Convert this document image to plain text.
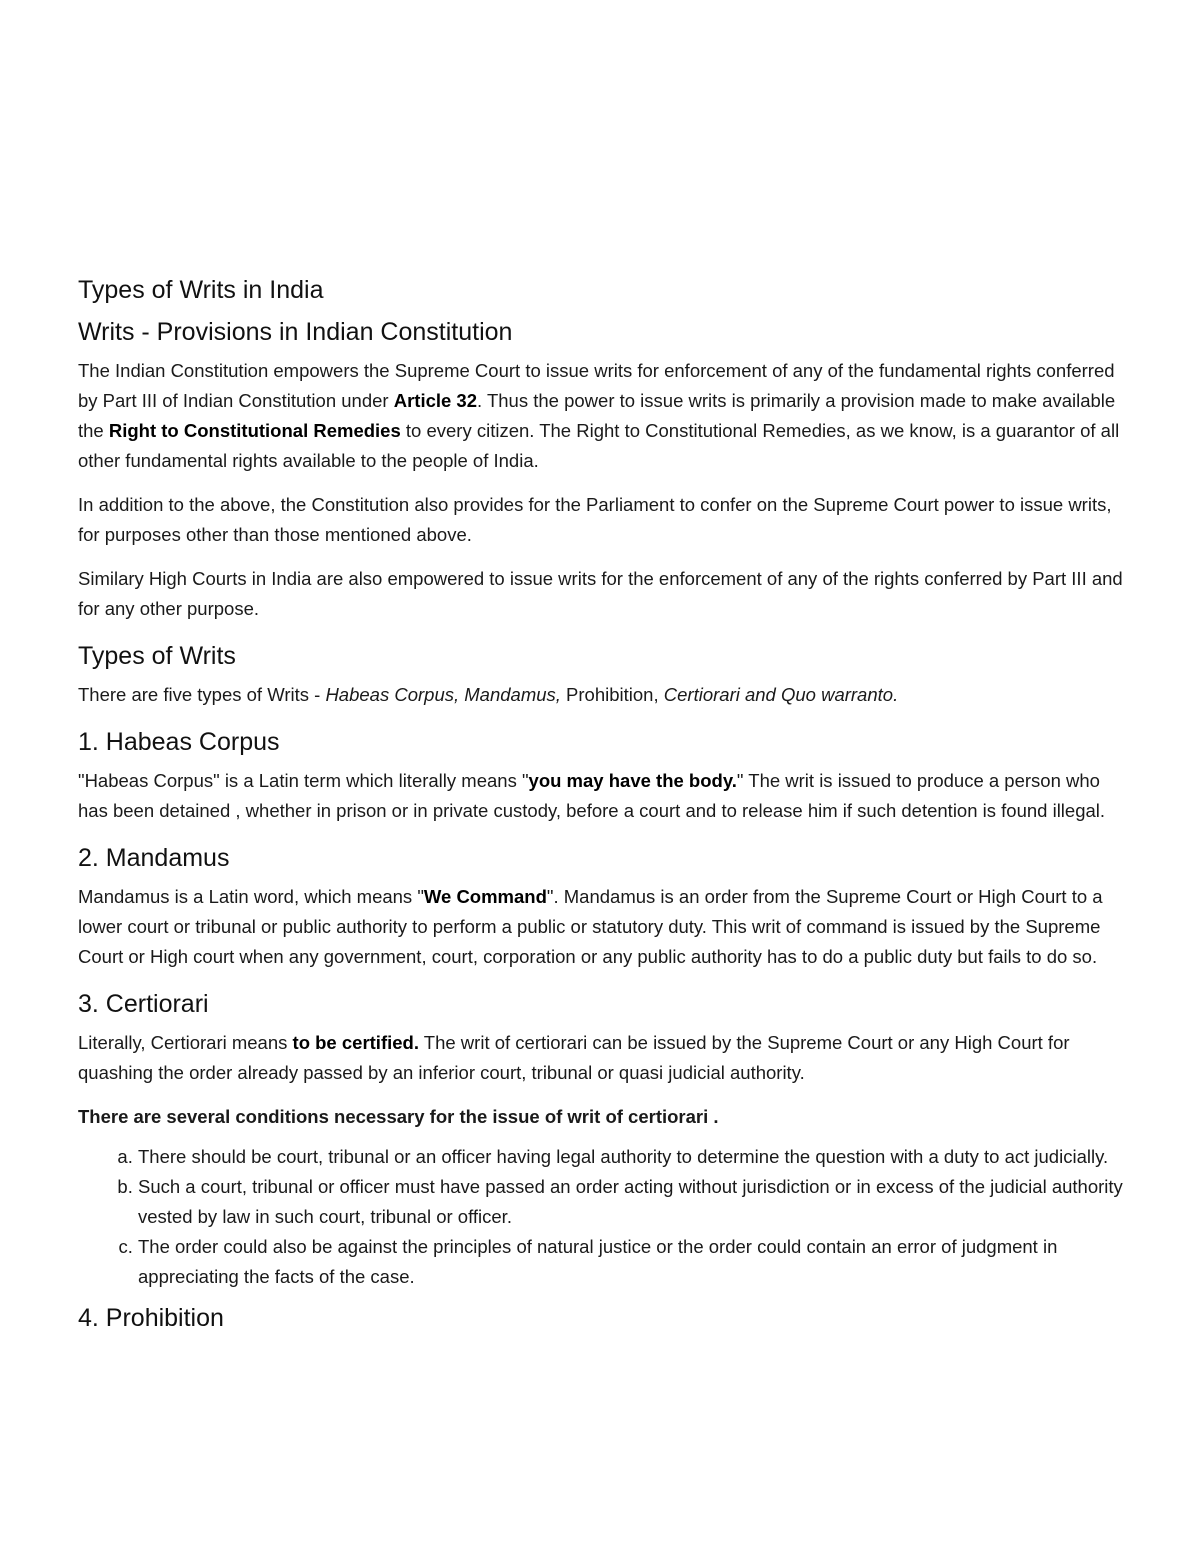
Types of Writs in India
Writs - Provisions in Indian Constitution

The Indian Constitution empowers the Supreme Court to issue writs for enforcement of any of the fundamental rights conferred by Part III of Indian Constitution under Article 32. Thus the power to issue writs is primarily a provision made to make available the Right to Constitutional Remedies to every citizen. The Right to Constitutional Remedies, as we know, is a guarantor of all other fundamental rights available to the people of India.

In addition to the above, the Constitution also provides for the Parliament to confer on the Supreme Court power to issue writs, for purposes other than those mentioned above.

Similary High Courts in India are also empowered to issue writs for the enforcement of any of the rights conferred by Part III and for any other purpose.

Types of Writs

There are five types of Writs - Habeas Corpus, Mandamus, Prohibition, Certiorari and Quo warranto.

1. Habeas Corpus

"Habeas Corpus" is a Latin term which literally means "you may have the body." The writ is issued to produce a person who has been detained , whether in prison or in private custody, before a court and to release him if such detention is found illegal.

2. Mandamus

Mandamus is a Latin word, which means "We Command". Mandamus is an order from the Supreme Court or High Court to a lower court or tribunal or public authority to perform a public or statutory duty. This writ of command is issued by the Supreme Court or High court when any government, court, corporation or any public authority has to do a public duty but fails to do so.

3. Certiorari

Literally, Certiorari means to be certified. The writ of certiorari can be issued by the Supreme Court or any High Court for quashing the order already passed by an inferior court, tribunal or quasi judicial authority.

There are several conditions necessary for the issue of writ of certiorari .

a. There should be court, tribunal or an officer having legal authority to determine the question with a duty to act judicially.
b. Such a court, tribunal or officer must have passed an order acting without jurisdiction or in excess of the judicial authority vested by law in such court, tribunal or officer.
c. The order could also be against the principles of natural justice or the order could contain an error of judgment in appreciating the facts of the case.
4. Prohibition
